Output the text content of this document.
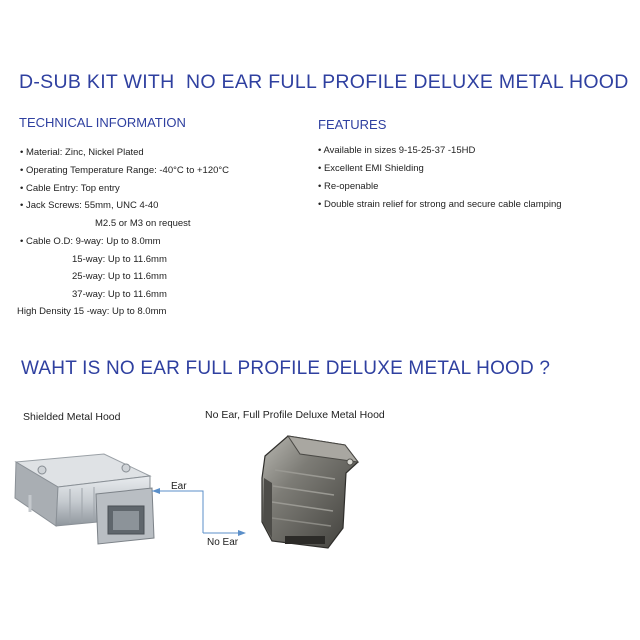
D-SUB KIT WITH  NO EAR FULL PROFILE DELUXE METAL HOOD
TECHNICAL INFORMATION
• Material: Zinc, Nickel Plated
• Operating Temperature Range: -40°C to +120°C
• Cable Entry: Top entry
• Jack Screws: 55mm, UNC 4-40
M2.5 or M3 on request
• Cable O.D: 9-way: Up to 8.0mm
15-way: Up to 11.6mm
25-way: Up to 11.6mm
37-way: Up to 11.6mm
High Density 15 -way: Up to 8.0mm
FEATURES
• Available in sizes 9-15-25-37 -15HD
• Excellent EMI Shielding
• Re-openable
• Double strain relief for strong and secure cable clamping
WAHT IS NO EAR FULL PROFILE DELUXE METAL HOOD ?
Shielded Metal Hood	No Ear, Full Profile Deluxe Metal Hood
Ear
No Ear
